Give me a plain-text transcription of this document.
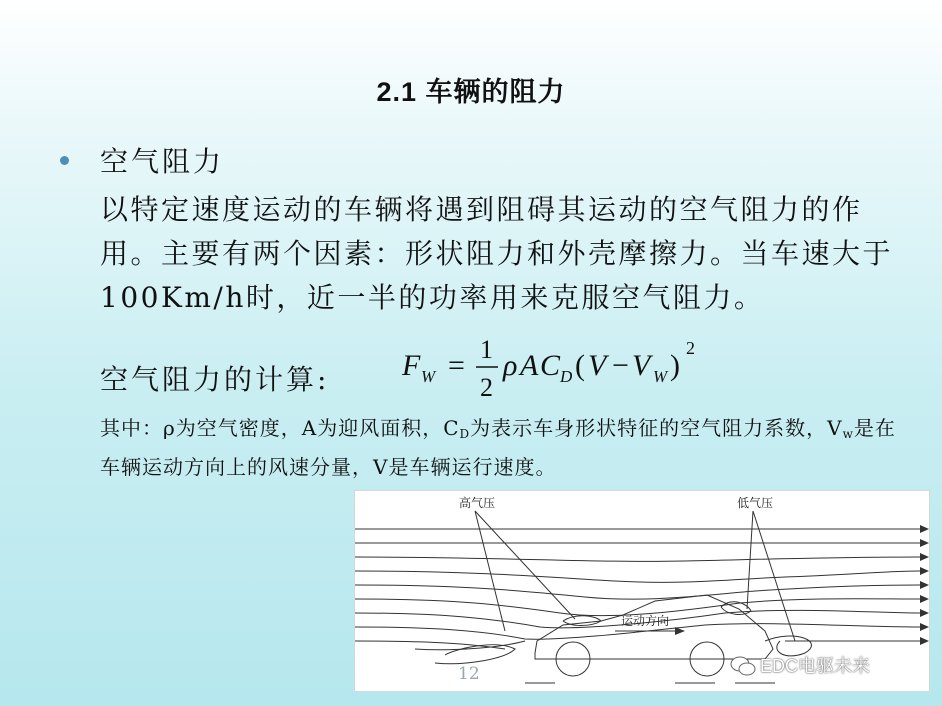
2.1 车辆的阻力
空气阻力
以特定速度运动的车辆将遇到阻碍其运动的空气阻力的作用。主要有两个因素：形状阻力和外壳摩擦力。当车速大于100Km/h时，近一半的功率用来克服空气阻力。
空气阻力的计算: F W = 1
2
ρ A C D ( V − V W )
2
其中：ρ为空气密度，A为迎风面积，$C_D$为表示车身形状特征的空气阻力系数，$V_w$是在车辆运动方向上的风速分量，V是车辆运行速度。
高气压	低气压
运动方向
12	EDC电驱未来
